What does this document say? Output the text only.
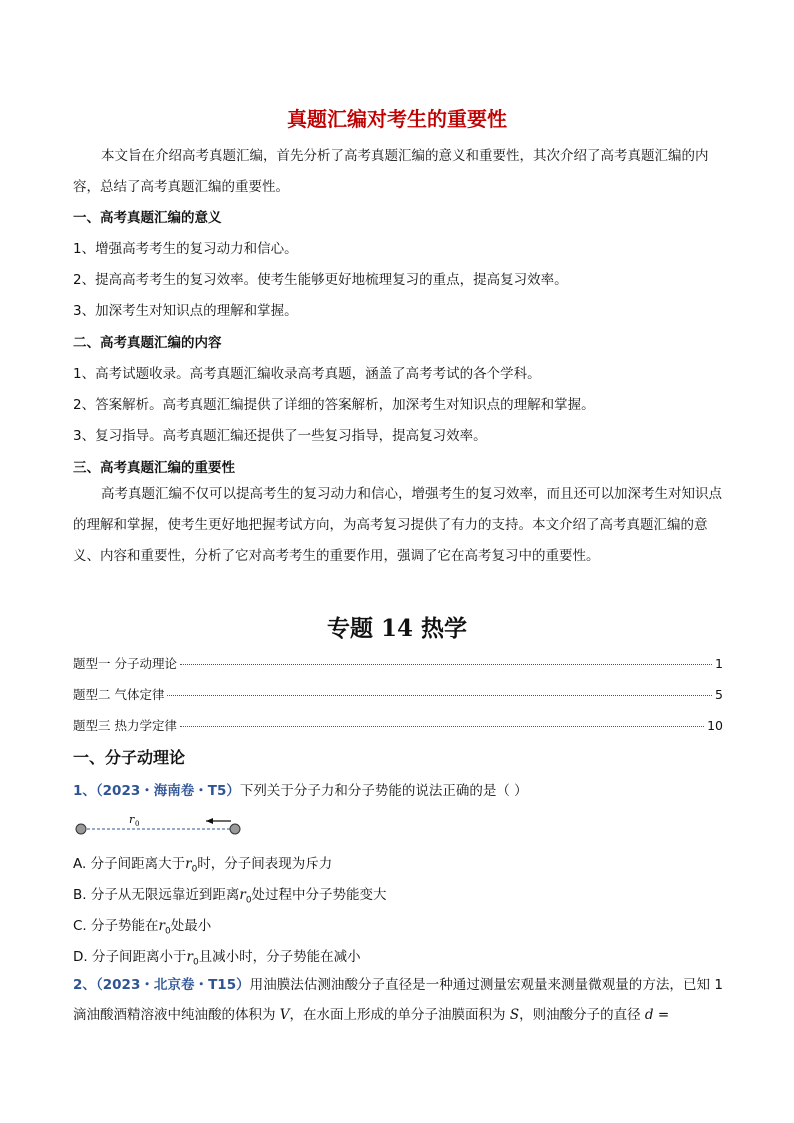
真题汇编对考生的重要性

本文旨在介绍高考真题汇编，首先分析了高考真题汇编的意义和重要性，其次介绍了高考真题汇编的内容，总结了高考真题汇编的重要性。

一、高考真题汇编的意义
1、增强高考考生的复习动力和信心。
2、提高高考考生的复习效率。使考生能够更好地梳理复习的重点，提高复习效率。
3、加深考生对知识点的理解和掌握。
二、高考真题汇编的内容
1、高考试题收录。高考真题汇编收录高考真题，涵盖了高考考试的各个学科。
2、答案解析。高考真题汇编提供了详细的答案解析，加深考生对知识点的理解和掌握。
3、复习指导。高考真题汇编还提供了一些复习指导，提高复习效率。
三、高考真题汇编的重要性

高考真题汇编不仅可以提高考生的复习动力和信心，增强考生的复习效率，而且还可以加深考生对知识点的理解和掌握，使考生更好地把握考试方向，为高考复习提供了有力的支持。本文介绍了高考真题汇编的意义、内容和重要性，分析了它对高考考生的重要作用，强调了它在高考复习中的重要性。

专题 14 热学
题型一 分子动理论	1
题型二 气体定律	5
题型三 热力学定律	10
一、分子动理论
1、（2023・海南卷・T5）下列关于分子力和分子势能的说法正确的是（ ）
r 0
A. 分子间距离大于$r_0$时，分子间表现为斥力
B. 分子从无限远靠近到距离$r_0$处过程中分子势能变大
C. 分子势能在$r_0$处最小
D. 分子间距离小于$r_0$且减小时，分子势能在减小

2、（2023・北京卷・T15）用油膜法估测油酸分子直径是一种通过测量宏观量来测量微观量的方法，已知 1 滴油酸酒精溶液中纯油酸的体积为 V，在水面上形成的单分子油膜面积为 S，则油酸分子的直径 d =
